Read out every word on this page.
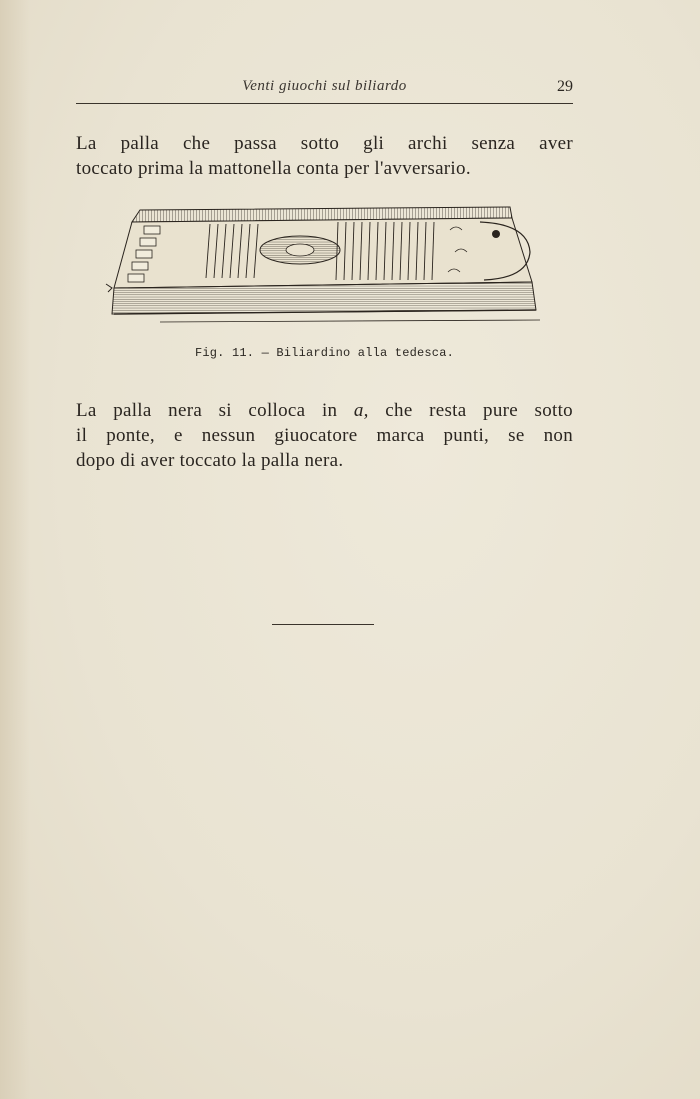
Venti giuochi sul biliardo	29
La palla che passa sotto gli archi senza aver
toccato prima la mattonella conta per l'avversario.
Fig. 11. — Biliardino alla tedesca.
La palla nera si colloca in a, che resta pure sotto
il ponte, e nessun giuocatore marca punti, se non
dopo di aver toccato la palla nera.
